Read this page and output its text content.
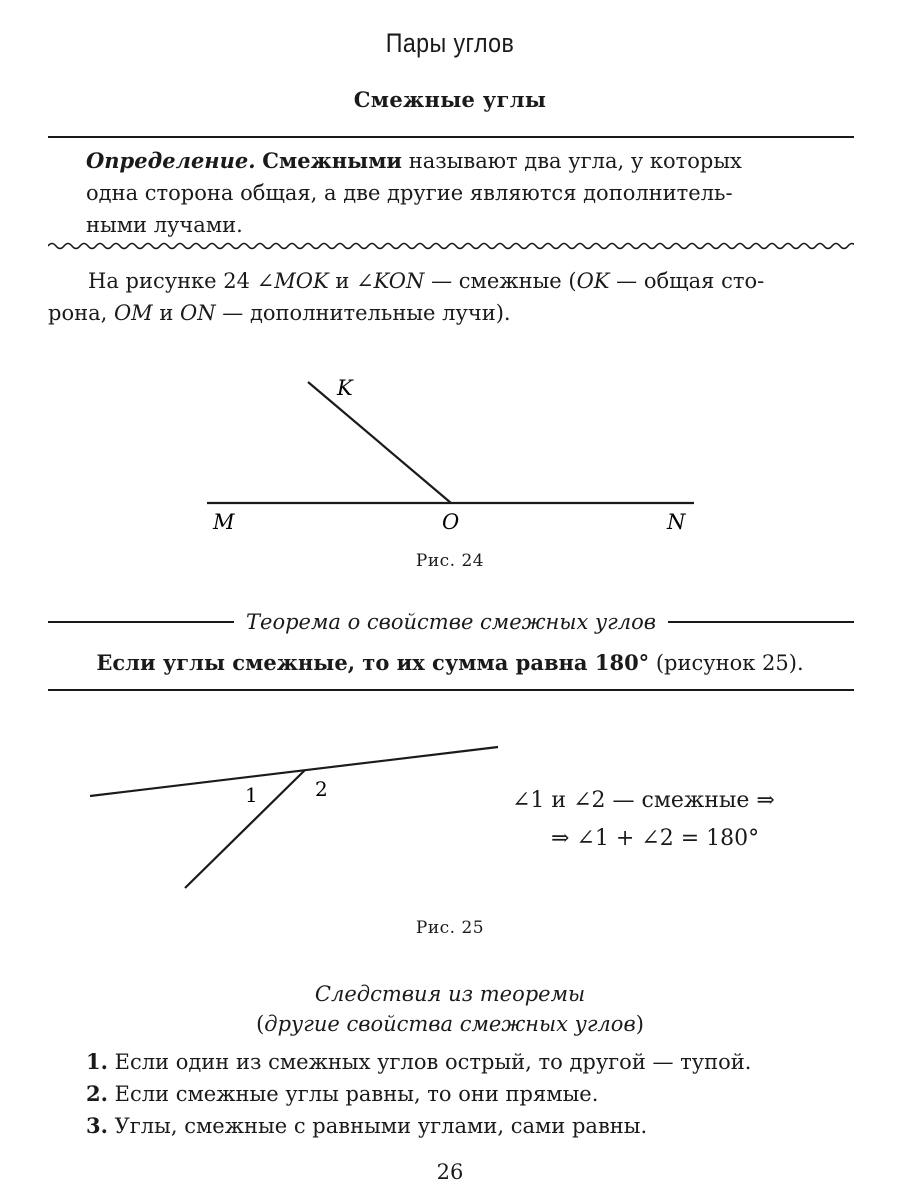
Пары углов
Смежные углы

Определение. Смежными называют два угла, у которых

одна сторона общая, а две другие являются дополнитель-

ными лучами.

На рисунке 24 ∠MOK и ∠KON — смежные (OK — общая сто-

рона, OM и ON — дополнительные лучи).

K
M	O	N
Рис. 24
Теорема о свойстве смежных углов
Если углы смежные, то их сумма равна 180° (рисунок 25).
1	2	∠1 и ∠2 — смежные ⇒
⇒ ∠1 + ∠2 = 180°
Рис. 25
Следствия из теоремы
(другие свойства смежных углов)
1. Если один из смежных углов острый, то другой — тупой.
2. Если смежные углы равны, то они прямые.
3. Углы, смежные с равными углами, сами равны.
26
